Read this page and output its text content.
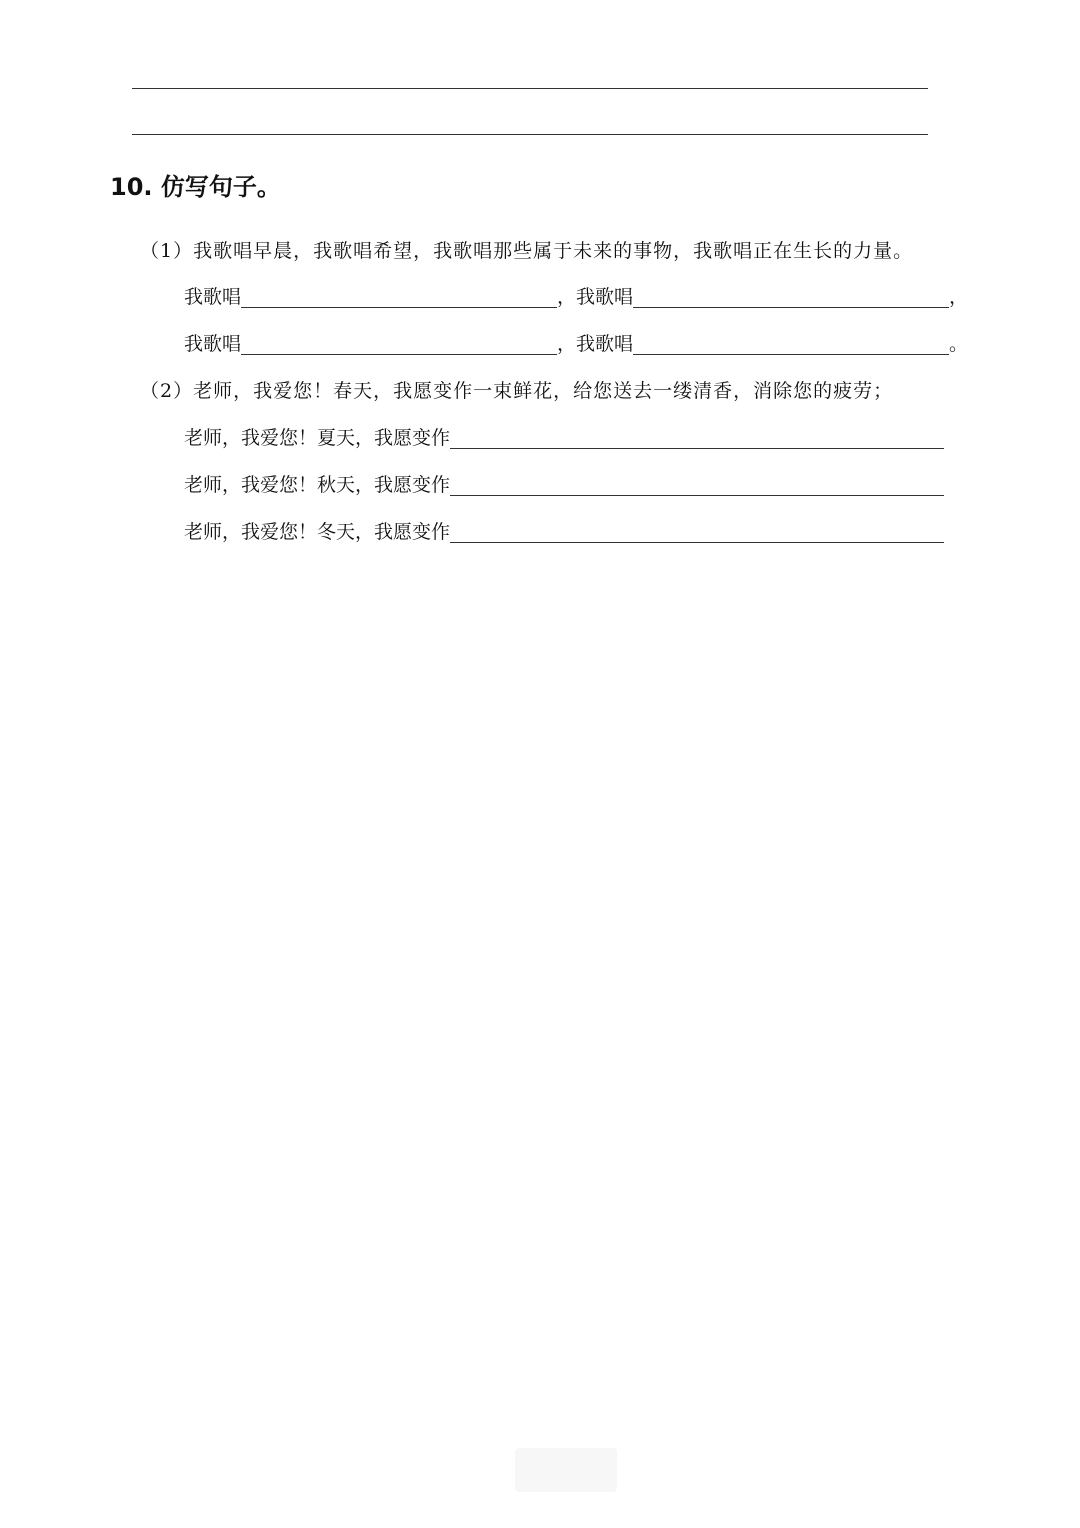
10. 仿写句子。
（1）我歌唱早晨，我歌唱希望，我歌唱那些属于未来的事物，我歌唱正在生长的力量。
我歌唱	，我歌唱	，
我歌唱	，我歌唱	。
（2）老师，我爱您！春天，我愿变作一束鲜花，给您送去一缕清香，消除您的疲劳；
老师，我爱您！夏天，我愿变作
老师，我爱您！秋天，我愿变作
老师，我爱您！冬天，我愿变作
